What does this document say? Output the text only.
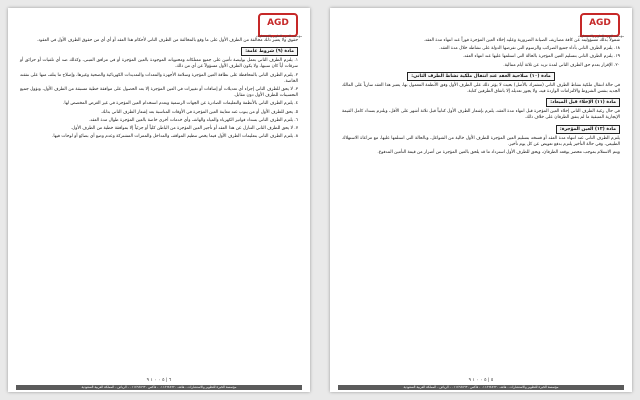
AGD
مؤسسة الخبرة للتطوير والاستشارات

حقوق ولا يعتبر ذلك مخالفة من الطرف الأول على ما وقع بالمخالفة من الطرف الثاني لأحكام هذا العقد أو أي أي من حقوق الطرف الأول في العقود.

مادة (٩) شروط عامة:

١. يلتزم الطرف الثاني بعمل بوليصة تأمين على جميع ممتلكاته ومحتوياته الموجودة بالعين المؤجرة أو في مرافق المبنى، وكذلك ضد أي تلفيات أو حرائق أو سرقات أياً كان سببها، ولا يكون الطرف الأول مسؤولاً عن أي من ذلك.

٢. يلتزم الطرف الثاني بالمحافظة على نظافة العين المؤجرة وسلامة الأجهزة والمعدات والتمديدات الكهربائية والصحية وغيرها، وإصلاح ما يتلف منها على نفقته الخاصة.

٣. لا يحق للطرف الثاني إجراء أي تعديلات أو إضافات أو تغييرات في العين المؤجرة إلا بعد الحصول على موافقة خطية مسبقة من الطرف الأول، وتؤول جميع التحسينات للطرف الأول دون مقابل.

٤. يلتزم الطرف الثاني بالأنظمة والتعليمات الصادرة عن الجهات الرسمية وبعدم استخدام العين المؤجرة في غير الغرض المخصص لها.

٥. يحق للطرف الأول أو من ينوب عنه معاينة العين المؤجرة في الأوقات المناسبة بعد إشعار الطرف الثاني بذلك.

٦. يلتزم الطرف الثاني بسداد فواتير الكهرباء والمياه والهاتف وأي خدمات أخرى خاصة بالعين المؤجرة طوال مدة العقد.

٧. لا يحق للطرف الثاني التنازل عن هذا العقد أو تأجير العين المؤجرة من الباطن كلياً أو جزئياً إلا بموافقة خطية من الطرف الأول.

٨. يلتزم الطرف الثاني بتعليمات الطرف الأول فيما يخص تنظيم المواقف والمداخل والممرات المشتركة وعدم وضع أي بضائع أو لوحات فيها.

٦ | ٥ ٠ ٠ ١ ٩
مؤسسة الخبرة للتطوير والاستشارات - هاتف ٠١١٤٦٤٥٦٢٠ - فاكس ٠١١٤٦٤٥٦٣٠ - الرياض - المملكة العربية السعودية
AGD
مؤسسة الخبرة للتطوير والاستشارات

شمولاً بذلك مسؤوليته عن كافة مصاريف الصيانة الضرورية وعليه إخلاء العين المؤجرة فوراً عند انتهاء مدة العقد.

١٨. يلتزم الطرف الثاني بأداء جميع الضرائب والرسوم التي تفرضها الدولة على نشاطه خلال مدة العقد.

١٩. يلتزم الطرف الثاني بتسليم العين المؤجرة بالحالة التي استلمها عليها عند انتهاء العقد.

٢٠. الإقرار بعدم حق الطرف الثاني لمدة تزيد عن ثلاثة أيام متتالية.

مادة (١٠) صلاحية العقد عند انتقال ملكية نشاط الطرف الثاني:

في حالة انتقال ملكية نشاط الطرف الثاني (مشترك بالأصل) بحيث لا يؤثر ذلك على الطرف الأول وفق الأنظمة المعمول بها، يعتبر هذا العقد سارياً على المالك الجديد بنفس الشروط والالتزامات الواردة فيه، ولا يجوز تعديله إلا باتفاق الطرفين كتابة.

مادة (١١) الإخلاء قبل الميعاد:

في حال رغبة الطرف الثاني إخلاء العين المؤجرة قبل انتهاء مدة العقد، يلتزم بإشعار الطرف الأول كتابياً قبل ثلاثة أشهر على الأقل، ويلتزم بسداد كامل القيمة الإيجارية المتبقية ما لم يتفق الطرفان على خلاف ذلك.

مادة (١٢) العين المؤجرة:

يلتزم الطرف الثاني عند انتهاء مدة العقد أو فسخه بتسليم العين المؤجرة للطرف الأول خالية من الشواغل، وبالحالة التي استلمها عليها، مع مراعاة الاستهلاك الطبيعي، وفي حالة التأخير يلتزم بدفع تعويض عن كل يوم تأخير.

ويتم الاستلام بموجب محضر يوقعه الطرفان، ويحق للطرف الأول استرداد ما قد يلحق بالعين المؤجرة من أضرار من قيمة التأمين المدفوع.

٥ | ٥ ٠ ٠ ١ ٩
مؤسسة الخبرة للتطوير والاستشارات - هاتف ٠١١٤٦٤٥٦٢٠ - فاكس ٠١١٤٦٤٥٦٣٠ - الرياض - المملكة العربية السعودية
